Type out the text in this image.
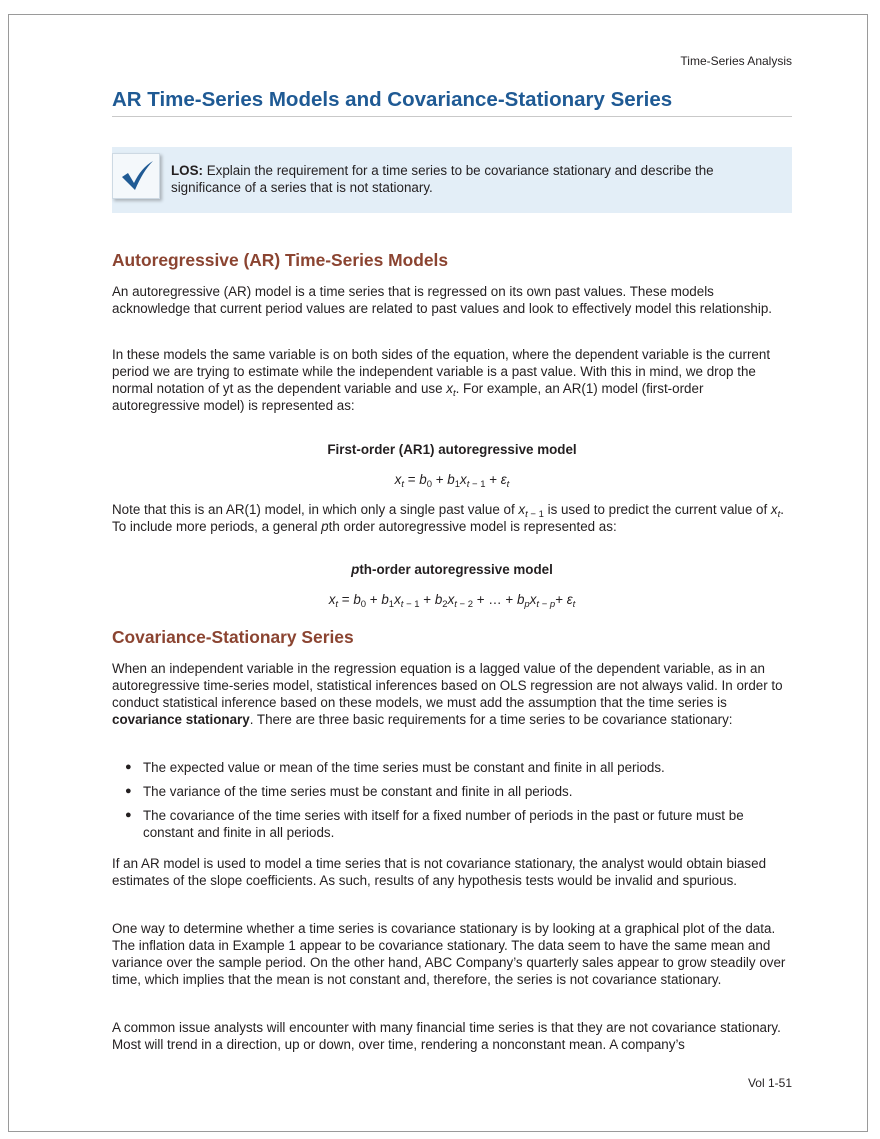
Time-Series Analysis
AR Time-Series Models and Covariance-Stationary Series
LOS: Explain the requirement for a time series to be covariance stationary and describe the significance of a series that is not stationary.
Autoregressive (AR) Time-Series Models

An autoregressive (AR) model is a time series that is regressed on its own past values. These models acknowledge that current period values are related to past values and look to effectively model this relationship.

In these models the same variable is on both sides of the equation, where the dependent variable is the current period we are trying to estimate while the independent variable is a past value. With this in mind, we drop the normal notation of yt as the dependent variable and use $x_t$. For example, an AR(1) model (first-order autoregressive model) is represented as:

First-order (AR1) autoregressive model
$x_t = b_0 + b_1x_{t - 1} + \varepsilon_t$

Note that this is an AR(1) model, in which only a single past value of $x_{t - 1}$ is used to predict the current value of $x_t$. To include more periods, a general pth order autoregressive model is represented as:

pth-order autoregressive model
$x_t = b_0 + b_1x_{t - 1} + b_2x_{t - 2}$ + … + $b_px_{t - p}+ \varepsilon_t$
Covariance-Stationary Series

When an independent variable in the regression equation is a lagged value of the dependent variable, as in an autoregressive time-series model, statistical inferences based on OLS regression are not always valid. In order to conduct statistical inference based on these models, we must add the assumption that the time series is covariance stationary. There are three basic requirements for a time series to be covariance stationary:

● The expected value or mean of the time series must be constant and finite in all periods.
● The variance of the time series must be constant and finite in all periods.
● The covariance of the time series with itself for a fixed number of periods in the past or future must be constant and finite in all periods.

If an AR model is used to model a time series that is not covariance stationary, the analyst would obtain biased estimates of the slope coefficients. As such, results of any hypothesis tests would be invalid and spurious.

One way to determine whether a time series is covariance stationary is by looking at a graphical plot of the data. The inflation data in Example 1 appear to be covariance stationary. The data seem to have the same mean and variance over the sample period. On the other hand, ABC Company’s quarterly sales appear to grow steadily over time, which implies that the mean is not constant and, therefore, the series is not covariance stationary.

A common issue analysts will encounter with many financial time series is that they are not covariance stationary. Most will trend in a direction, up or down, over time, rendering a nonconstant mean. A company’s

Vol 1-51
